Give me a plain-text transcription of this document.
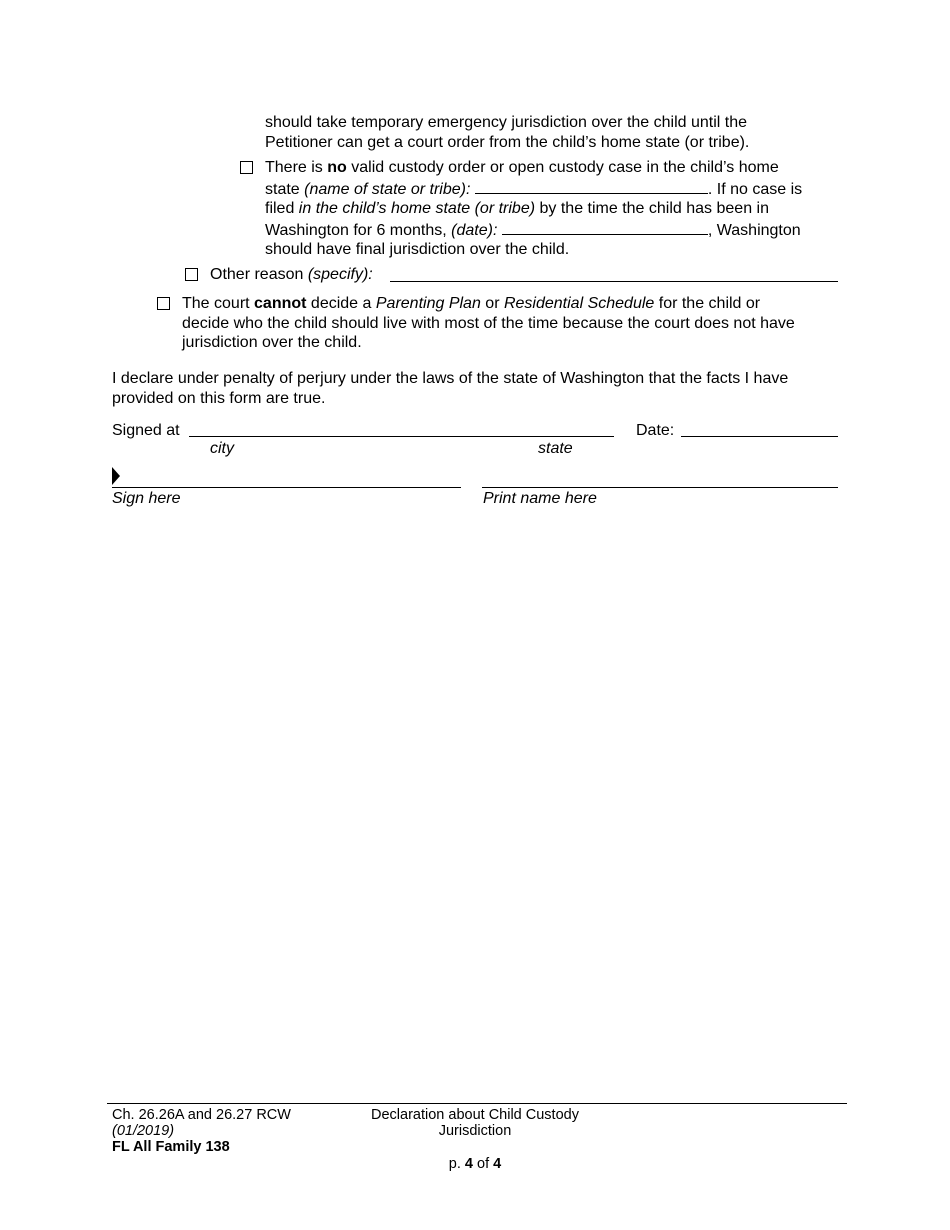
should take temporary emergency jurisdiction over the child until the
Petitioner can get a court order from the child’s home state (or tribe).
There is no valid custody order or open custody case in the child’s home
state (name of state or tribe):	. If no case is
filed in the child’s home state (or tribe) by the time the child has been in
Washington for 6 months, (date):	, Washington
should have final jurisdiction over the child.
Other reason (specify):
The court cannot decide a Parenting Plan or Residential Schedule for the child or
decide who the child should live with most of the time because the court does not have
jurisdiction over the child.
I declare under penalty of perjury under the laws of the state of Washington that the facts I have
provided on this form are true.
Signed at	Date:
city	state
Sign here	Print name here
Ch. 26.26A and 26.27 RCW
(01/2019)
FL All Family 138
Declaration about Child Custody
Jurisdiction
p. 4 of 4
